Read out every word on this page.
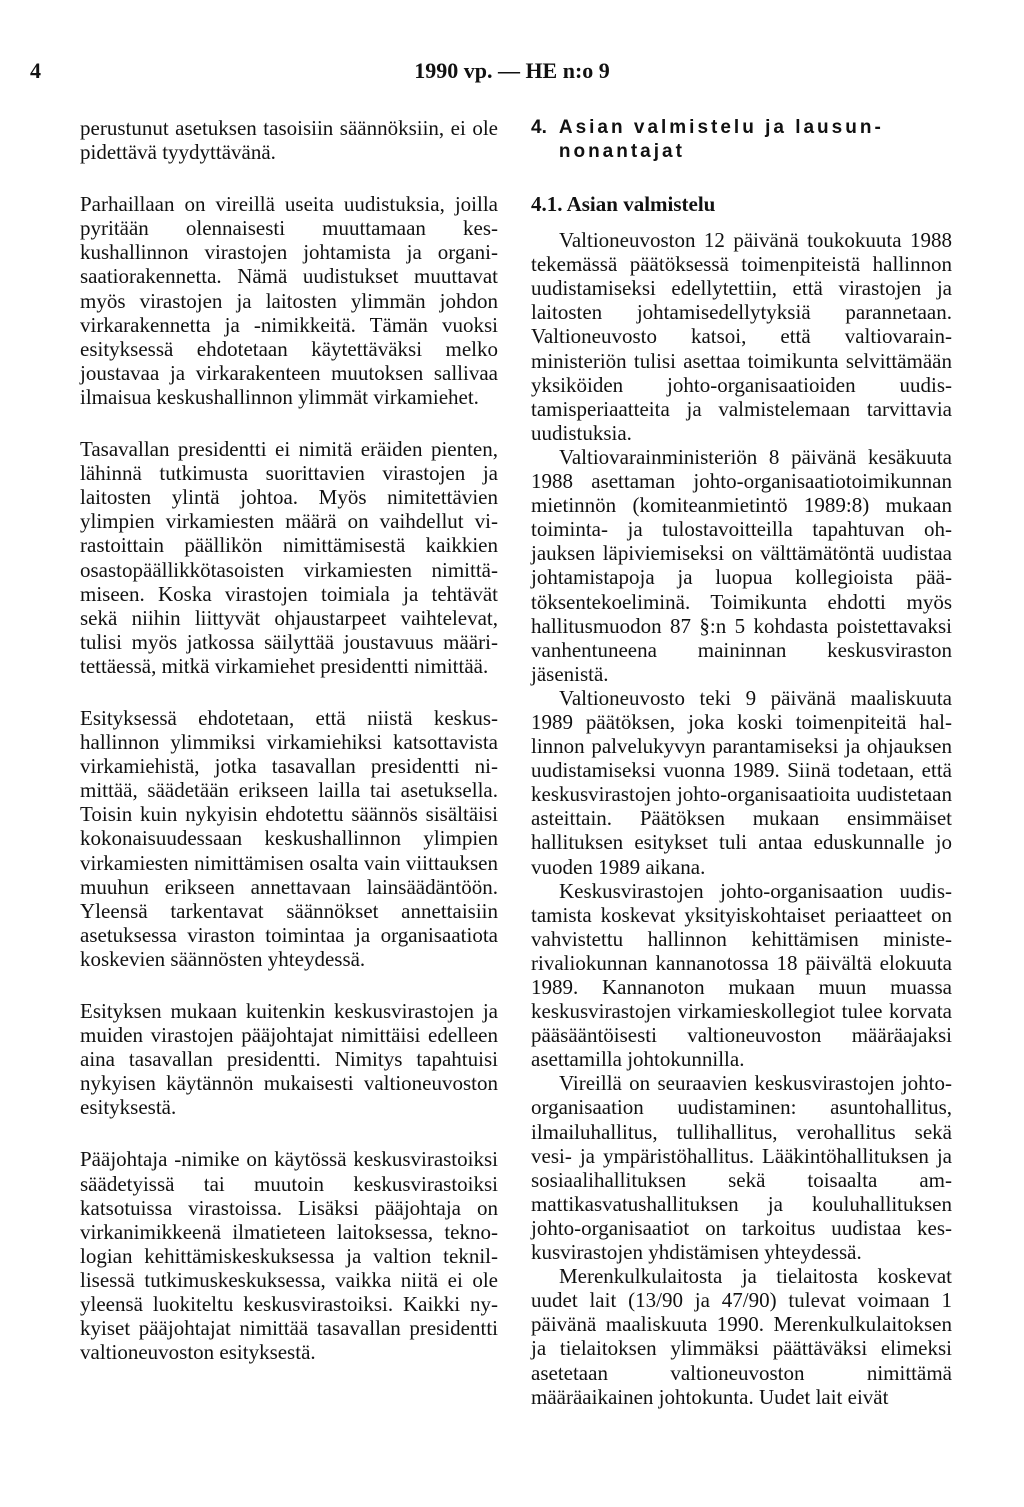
4	1990 vp. — HE n:o 9

perustunut asetuksen tasoisiin säännöksiin, ei ole pidettävä tyydyttävänä.

Parhaillaan on vireillä useita uudistuksia, joilla pyritään olennaisesti muuttamaan keskushallinnon virastojen johtamista ja organisaatiorakennetta. Nämä uudistukset muuttavat myös virastojen ja laitosten ylimmän johdon virkarakennetta ja -nimikkeitä. Tämän vuoksi esityksessä ehdotetaan käytettäväksi melko joustavaa ja virkarakenteen muutoksen sallivaa ilmaisua keskushallinnon ylimmät virkamiehet.

Tasavallan presidentti ei nimitä eräiden pienten, lähinnä tutkimusta suorittavien virastojen ja laitosten ylintä johtoa. Myös nimitettävien ylimpien virkamiesten määrä on vaihdellut virastoittain päällikön nimittämisestä kaikkien osastopäällikkötasoisten virkamiesten nimittämiseen. Koska virastojen toimiala ja tehtävät sekä niihin liittyvät ohjaustarpeet vaihtelevat, tulisi myös jatkossa säilyttää joustavuus määritettäessä, mitkä virkamiehet presidentti nimittää.

Esityksessä ehdotetaan, että niistä keskushallinnon ylimmiksi virkamiehiksi katsottavista virkamiehistä, jotka tasavallan presidentti nimittää, säädetään erikseen lailla tai asetuksella. Toisin kuin nykyisin ehdotettu säännös sisältäisi kokonaisuudessaan keskushallinnon ylimpien virkamiesten nimittämisen osalta vain viittauksen muuhun erikseen annettavaan lainsäädäntöön. Yleensä tarkentavat säännökset annettaisiin asetuksessa viraston toimintaa ja organisaatiota koskevien säännösten yhteydessä.

Esityksen mukaan kuitenkin keskusvirastojen ja muiden virastojen pääjohtajat nimittäisi edelleen aina tasavallan presidentti. Nimitys tapahtuisi nykyisen käytännön mukaisesti valtioneuvoston esityksestä.

Pääjohtaja -nimike on käytössä keskusvirastoiksi säädetyissä tai muutoin keskusvirastoiksi katsotuissa virastoissa. Lisäksi pääjohtaja on virkanimikkeenä ilmatieteen laitoksessa, teknologian kehittämiskeskuksessa ja valtion teknillisessä tutkimuskeskuksessa, vaikka niitä ei ole yleensä luokiteltu keskusvirastoiksi. Kaikki nykyiset pääjohtajat nimittää tasavallan presidentti valtioneuvoston esityksestä.

4. Asian valmistelu ja lausunnonantajat
4.1. Asian valmistelu

Valtioneuvoston 12 päivänä toukokuuta 1988 tekemässä päätöksessä toimenpiteistä hallinnon uudistamiseksi edellytettiin, että virastojen ja laitosten johtamisedellytyksiä parannetaan. Valtioneuvosto katsoi, että valtiovarainministeriön tulisi asettaa toimikunta selvittämään yksiköiden johto-organisaatioiden uudistamisperiaatteita ja valmistelemaan tarvittavia uudistuksia.

Valtiovarainministeriön 8 päivänä kesäkuuta 1988 asettaman johto-organisaatiotoimikunnan mietinnön (komiteanmietintö 1989:8) mukaan toiminta- ja tulostavoitteilla tapahtuvan ohjauksen läpiviemiseksi on välttämätöntä uudistaa johtamistapoja ja luopua kollegioista päätöksentekoeliminä. Toimikunta ehdotti myös hallitusmuodon 87 §:n 5 kohdasta poistettavaksi vanhentuneena maininnan keskusviraston jäsenistä.

Valtioneuvosto teki 9 päivänä maaliskuuta 1989 päätöksen, joka koski toimenpiteitä hallinnon palvelukyvyn parantamiseksi ja ohjauksen uudistamiseksi vuonna 1989. Siinä todetaan, että keskusvirastojen johto-organisaatioita uudistetaan asteittain. Päätöksen mukaan ensimmäiset hallituksen esitykset tuli antaa eduskunnalle jo vuoden 1989 aikana.

Keskusvirastojen johto-organisaation uudistamista koskevat yksityiskohtaiset periaatteet on vahvistettu hallinnon kehittämisen ministerivaliokunnan kannanotossa 18 päivältä elokuuta 1989. Kannanoton mukaan muun muassa keskusvirastojen virkamieskollegiot tulee korvata pääsääntöisesti valtioneuvoston määräajaksi asettamilla johtokunnilla.

Vireillä on seuraavien keskusvirastojen johto-organisaation uudistaminen: asuntohallitus, ilmailuhallitus, tullihallitus, verohallitus sekä vesi- ja ympäristöhallitus. Lääkintöhallituksen ja sosiaalihallituksen sekä toisaalta ammattikasvatushallituksen ja kouluhallituksen johto-organisaatiot on tarkoitus uudistaa keskusvirastojen yhdistämisen yhteydessä.

Merenkulkulaitosta ja tielaitosta koskevat uudet lait (13/90 ja 47/90) tulevat voimaan 1 päivänä maaliskuuta 1990. Merenkulkulaitoksen ja tielaitoksen ylimmäksi päättäväksi elimeksi asetetaan valtioneuvoston nimittämä määräaikainen johtokunta. Uudet lait eivät
